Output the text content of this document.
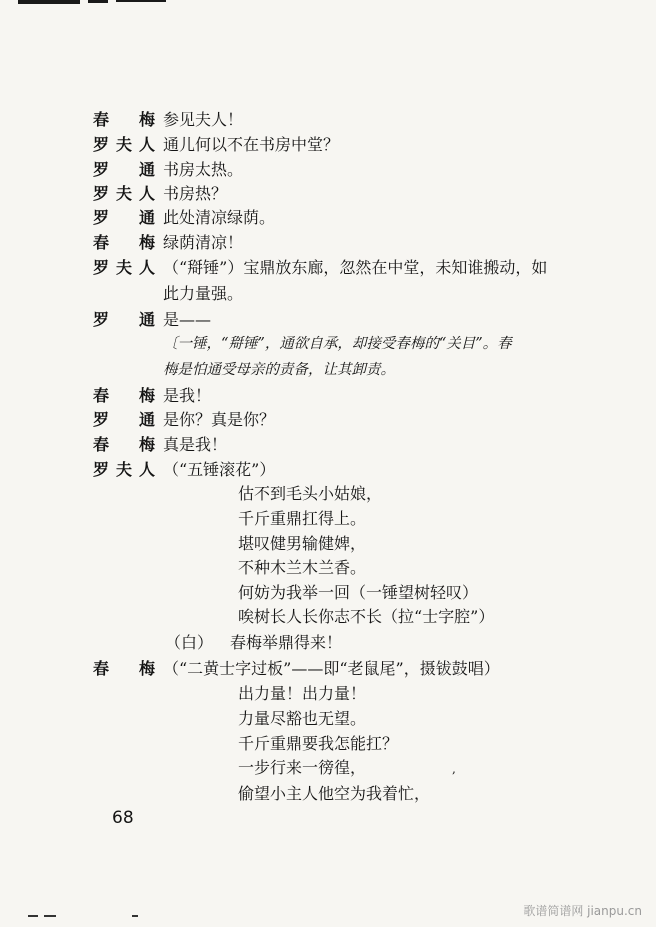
春梅 参见夫人！
罗夫人 通儿何以不在书房中堂？
罗通 书房太热。
罗夫人 书房热？
罗通 此处清凉绿荫。
春梅 绿荫清凉！
罗夫人 （“搿锤”）宝鼎放东廊，忽然在中堂，未知谁搬动，如
此力量强。
罗通 是——
〔一锤，“搿锤”，通欲自承，却接受春梅的“关目”。春
梅是怕通受母亲的责备，让其卸责。
春梅 是我！
罗通 是你？真是你？
春梅 真是我！
罗夫人 （“五锤滚花”）
估不到毛头小姑娘，
千斤重鼎扛得上。
堪叹健男输健婢，
不种木兰木兰香。
何妨为我举一回（一锤望树轻叹）
唉树长人长你志不长（拉“士字腔”）
（白） 春梅举鼎得来！
春梅 （“二黄士字过板”——即“老鼠尾”，摄钹鼓唱）
出力量！出力量！
力量尽豁也无望。
千斤重鼎要我怎能扛？
一步行来一徬徨，
偷望小主人他空为我着忙，
,
68
歌谱简谱网 jianpu.cn
